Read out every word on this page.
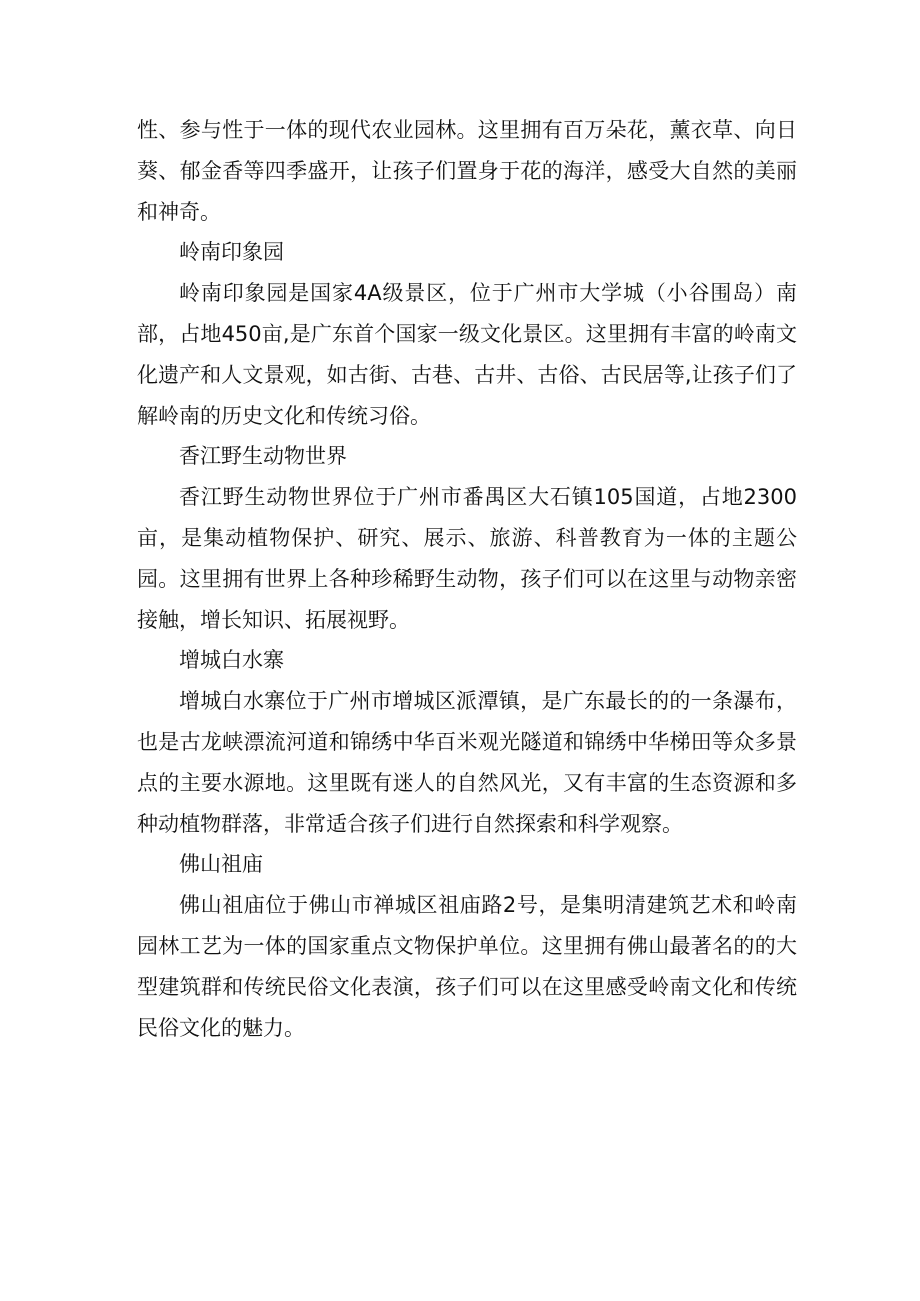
性、参与性于一体的现代农业园林。这里拥有百万朵花，薰衣草、向日葵、郁金香等四季盛开，让孩子们置身于花的海洋，感受大自然的美丽和神奇。

岭南印象园

岭南印象园是国家4A级景区，位于广州市大学城（小谷围岛）南部，占地450亩,是广东首个国家一级文化景区。这里拥有丰富的岭南文化遗产和人文景观，如古街、古巷、古井、古俗、古民居等,让孩子们了解岭南的历史文化和传统习俗。

香江野生动物世界

香江野生动物世界位于广州市番禺区大石镇105国道，占地2300亩，是集动植物保护、研究、展示、旅游、科普教育为一体的主题公园。这里拥有世界上各种珍稀野生动物，孩子们可以在这里与动物亲密接触，增长知识、拓展视野。

增城白水寨

增城白水寨位于广州市增城区派潭镇，是广东最长的的一条瀑布，也是古龙峡漂流河道和锦绣中华百米观光隧道和锦绣中华梯田等众多景点的主要水源地。这里既有迷人的自然风光，又有丰富的生态资源和多种动植物群落，非常适合孩子们进行自然探索和科学观察。

佛山祖庙

佛山祖庙位于佛山市禅城区祖庙路2号，是集明清建筑艺术和岭南园林工艺为一体的国家重点文物保护单位。这里拥有佛山最著名的的大型建筑群和传统民俗文化表演，孩子们可以在这里感受岭南文化和传统民俗文化的魅力。
